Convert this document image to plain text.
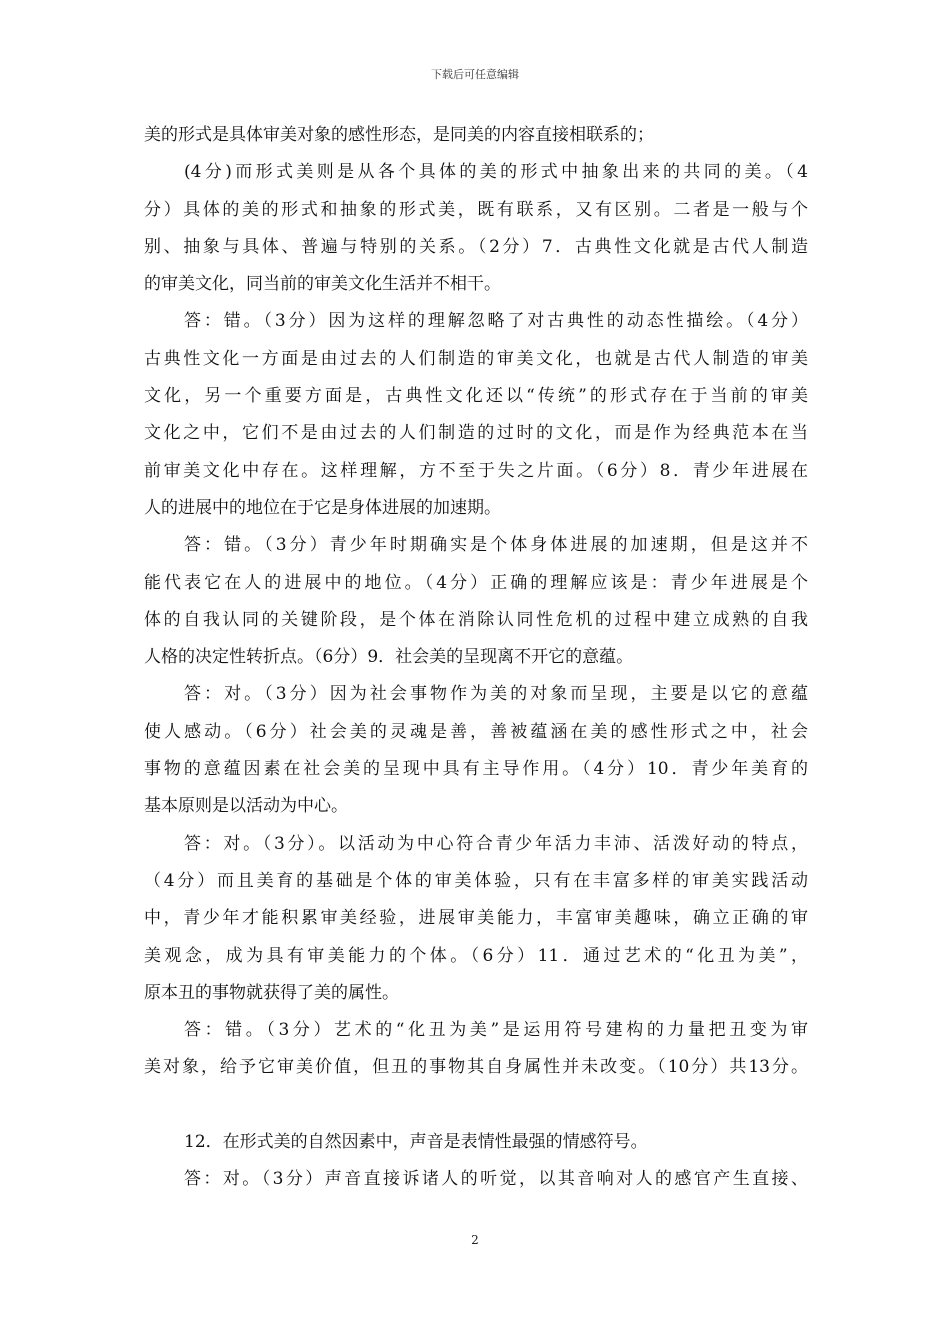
下载后可任意编辑
美的形式是具体审美对象的感性形态，是同美的内容直接相联系的；
(4分)而形式美则是从各个具体的美的形式中抽象出来的共同的美。（4
分）具体的美的形式和抽象的形式美，既有联系，又有区别。二者是一般与个
别、抽象与具体、普遍与特别的关系。（2分）7．古典性文化就是古代人制造
的审美文化，同当前的审美文化生活并不相干。
答：错。（3分）因为这样的理解忽略了对古典性的动态性描绘。（4分）
古典性文化一方面是由过去的人们制造的审美文化，也就是古代人制造的审美
文化，另一个重要方面是，古典性文化还以“传统”的形式存在于当前的审美
文化之中，它们不是由过去的人们制造的过时的文化，而是作为经典范本在当
前审美文化中存在。这样理解，方不至于失之片面。（6分）8．青少年进展在
人的进展中的地位在于它是身体进展的加速期。
答：错。（3分）青少年时期确实是个体身体进展的加速期，但是这并不
能代表它在人的进展中的地位。（4分）正确的理解应该是：青少年进展是个
体的自我认同的关键阶段，是个体在消除认同性危机的过程中建立成熟的自我
人格的决定性转折点。（6分）9．社会美的呈现离不开它的意蕴。
答：对。（3分）因为社会事物作为美的对象而呈现，主要是以它的意蕴
使人感动。（6分）社会美的灵魂是善，善被蕴涵在美的感性形式之中，社会
事物的意蕴因素在社会美的呈现中具有主导作用。（4分）10．青少年美育的
基本原则是以活动为中心。
答：对。（3分）。以活动为中心符合青少年活力丰沛、活泼好动的特点，
（4分）而且美育的基础是个体的审美体验，只有在丰富多样的审美实践活动
中，青少年才能积累审美经验，进展审美能力，丰富审美趣味，确立正确的审
美观念，成为具有审美能力的个体。（6分）11．通过艺术的“化丑为美”，
原本丑的事物就获得了美的属性。
答：错。（3分）艺术的“化丑为美”是运用符号建构的力量把丑变为审
美对象，给予它审美价值，但丑的事物其自身属性并未改变。（10分）共13分。
12．在形式美的自然因素中，声音是表情性最强的情感符号。
答：对。（3分）声音直接诉诸人的听觉，以其音响对人的感官产生直接、
2
